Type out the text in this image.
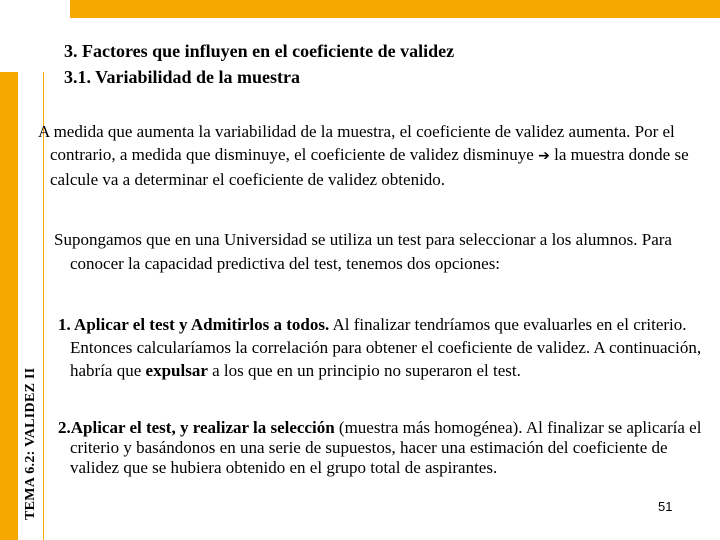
TEMA 6.2: VALIDEZ II
3. Factores que influyen en el coeficiente de validez
3.1. Variabilidad de la muestra
A medida que aumenta la variabilidad de la muestra, el coeficiente de validez aumenta. Por el contrario, a medida que disminuye, el coeficiente de validez disminuye ➔ la muestra donde se calcule va a determinar el coeficiente de validez obtenido.
Supongamos que en una Universidad se utiliza un test para seleccionar a los alumnos. Para conocer la capacidad predictiva del test, tenemos dos opciones:
1. Aplicar el test y Admitirlos a todos. Al finalizar tendríamos que evaluarles en el criterio. Entonces calcularíamos la correlación para obtener el coeficiente de validez. A continuación, habría que expulsar a los que en un principio no superaron el test.
2.Aplicar el test, y realizar la selección (muestra más homogénea). Al finalizar se aplicaría el criterio y basándonos en una serie de supuestos, hacer una estimación del coeficiente de validez que se hubiera obtenido en el grupo total de aspirantes.
51
